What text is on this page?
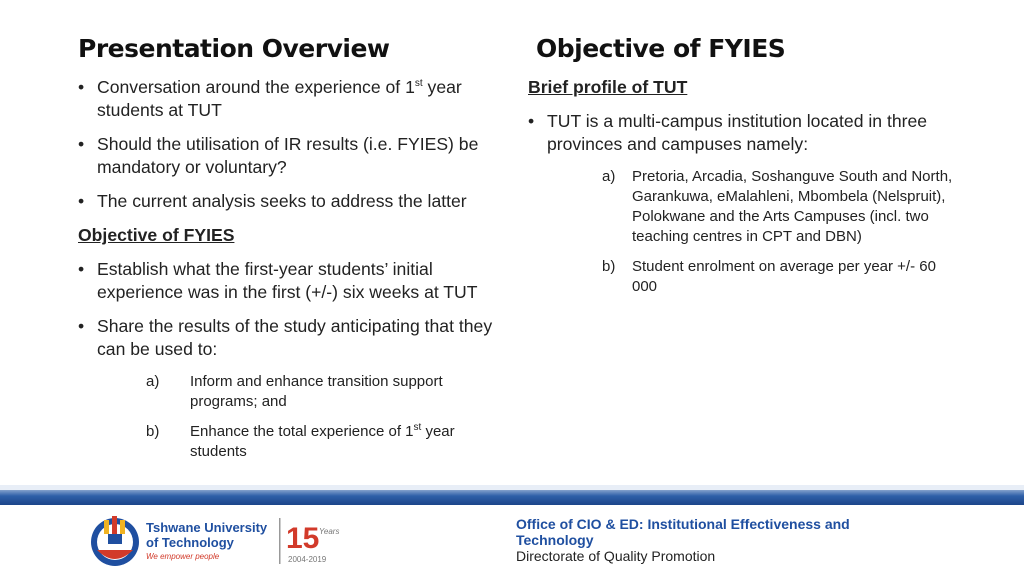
Presentation Overview	Objective of FYIES
• Conversation around the experience of 1st year students at TUT
• Should the utilisation of IR results (i.e. FYIES) be mandatory or voluntary?
• The current analysis seeks to address the latter
Objective of FYIES
• Establish what the first-year students’ initial experience was in the first (+/-) six weeks at TUT
• Share the results of the study anticipating that they can be used to:
a) Inform and enhance transition support programs; and
b) Enhance the total experience of 1st year students
Brief profile of TUT
• TUT is a multi-campus institution located in three provinces and campuses namely:
a) Pretoria, Arcadia, Soshanguve South and North, Garankuwa, eMalahleni, Mbombela (Nelspruit), Polokwane and the Arts Campuses (incl. two teaching centres in CPT and DBN)
b) Student enrolment on average per year +/- 60 000
Tshwane University
of Technology
We empower people
15 Years
2004-2019
Office of CIO & ED: Institutional Effectiveness and Technology
Directorate of Quality Promotion
